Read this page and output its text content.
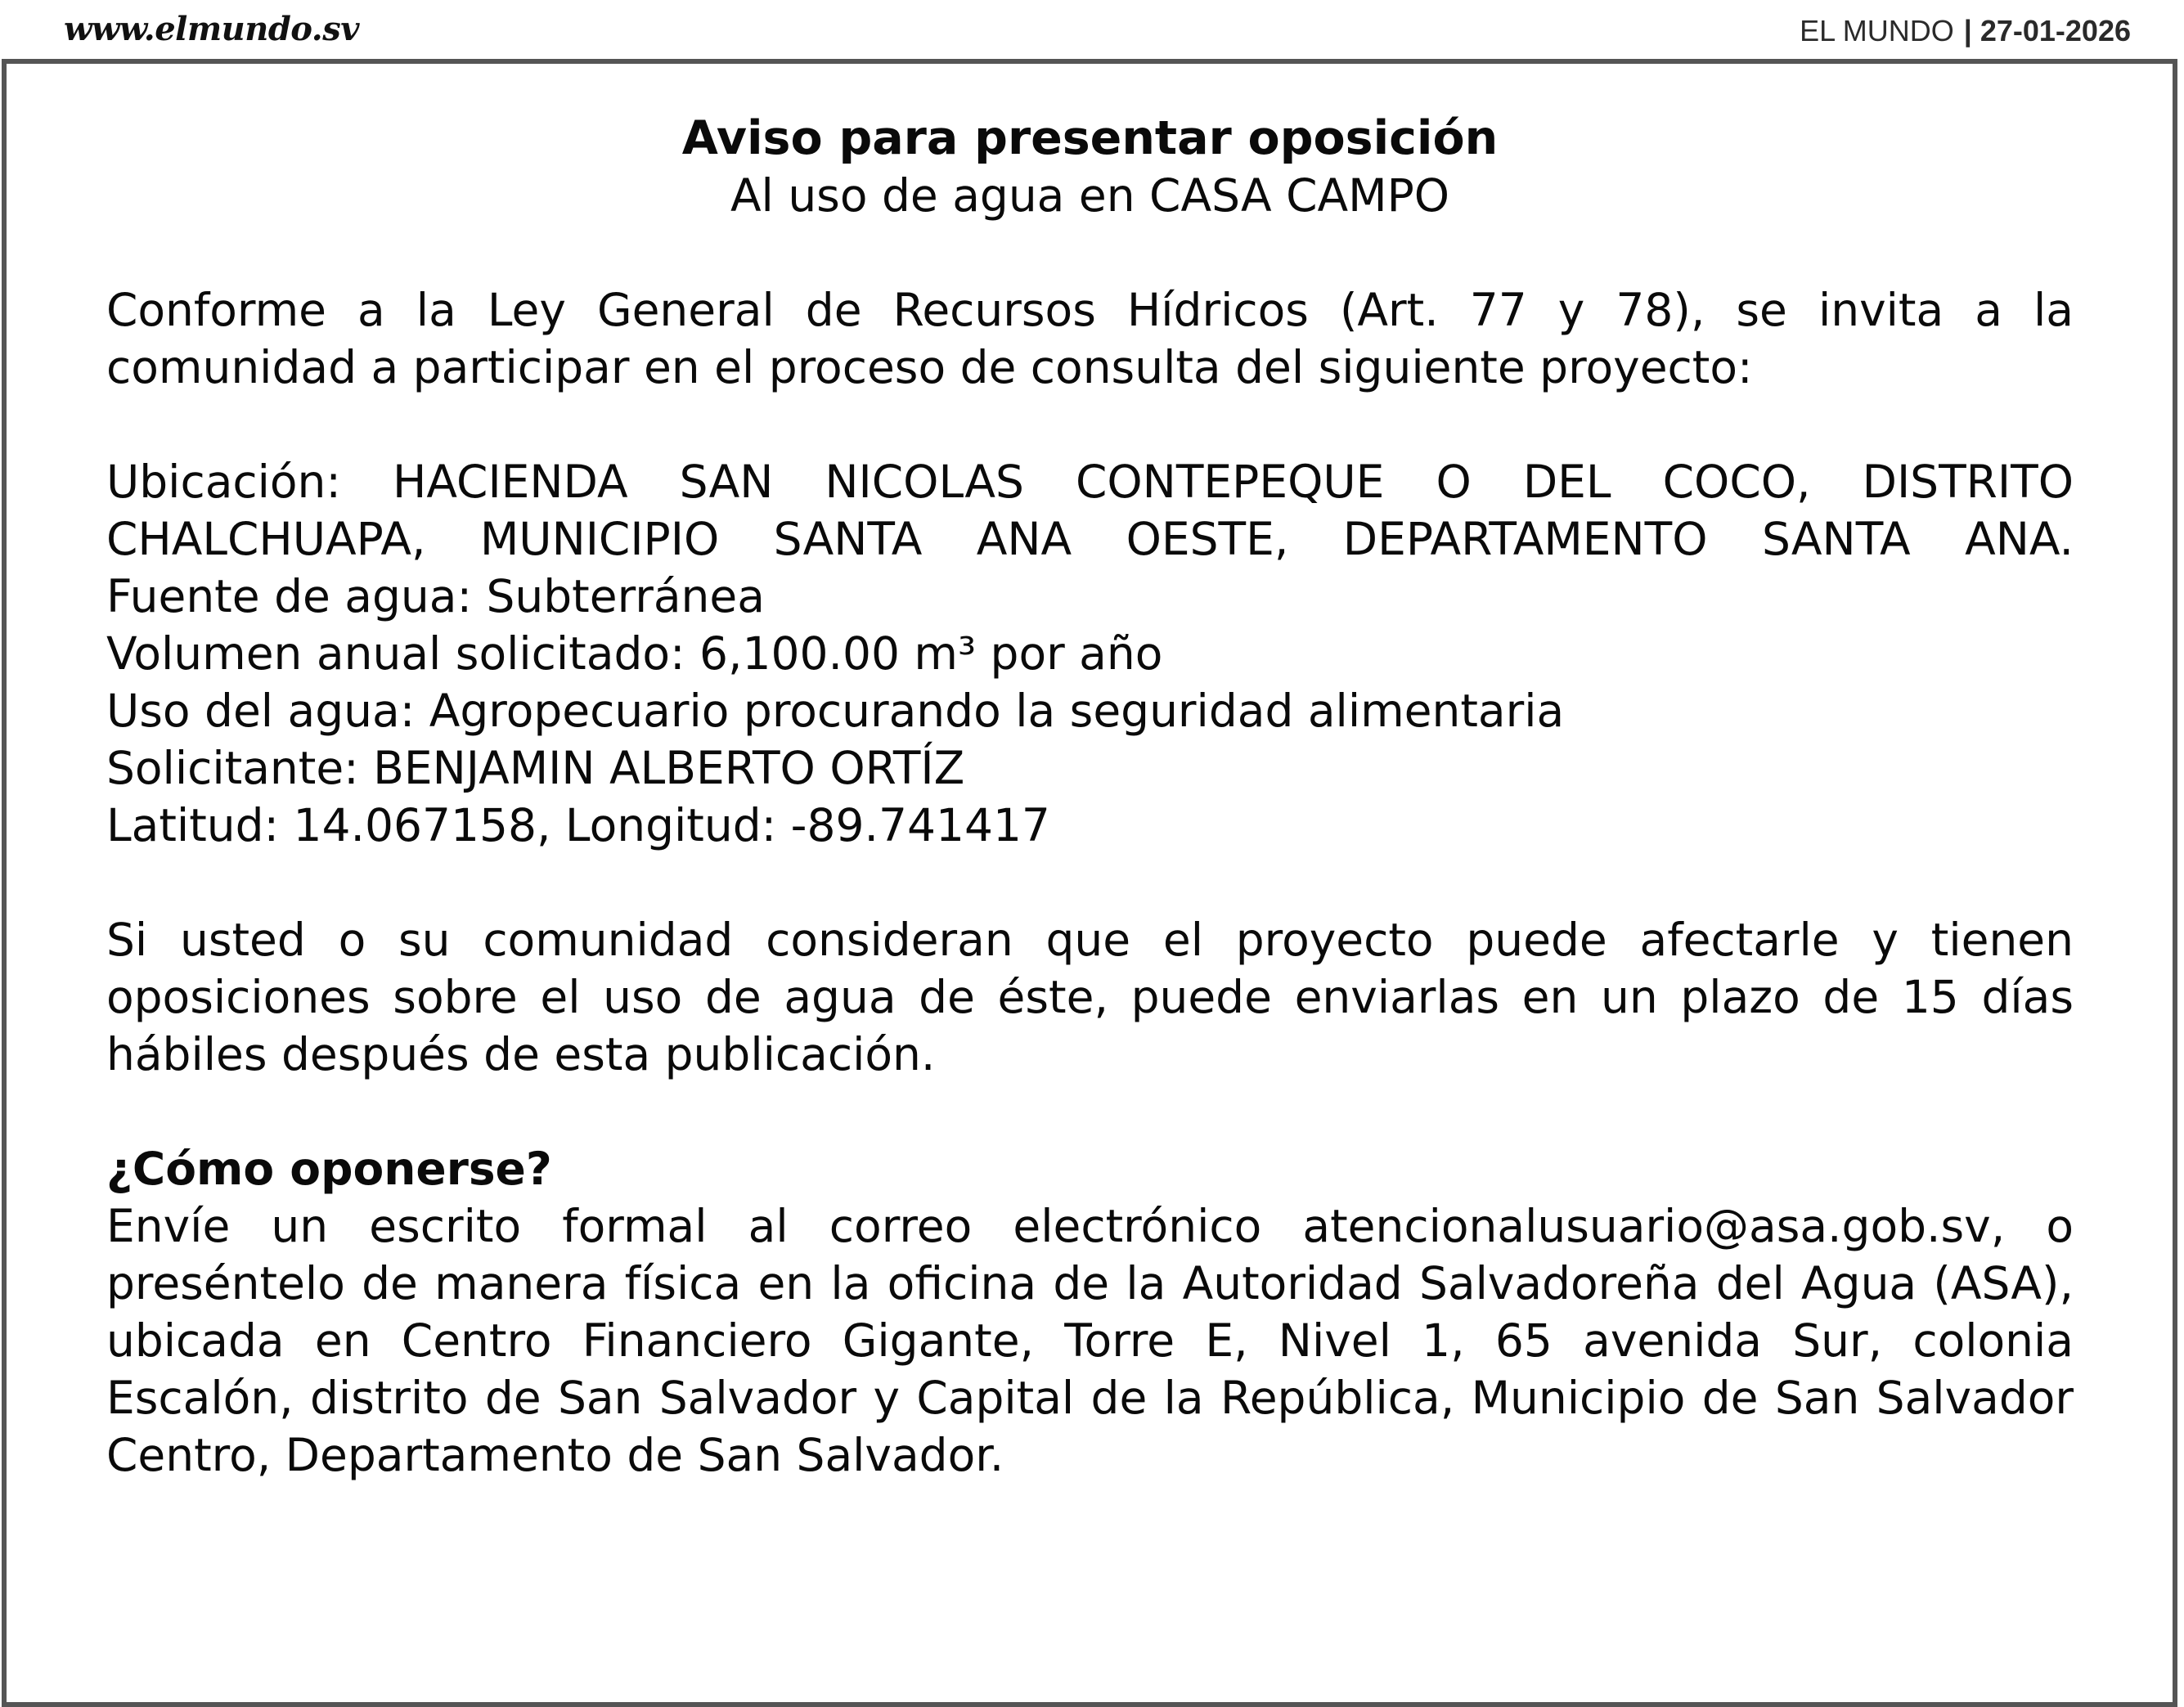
www.elmundo.sv	EL MUNDO | 27-01-2026
Aviso para presentar oposición

Al uso de agua en CASA CAMPO

Conforme a la Ley General de Recursos Hídricos (Art. 77 y 78), se invita a la comunidad a participar en el proceso de consulta del siguiente proyecto:

Ubicación: HACIENDA SAN NICOLAS CONTEPEQUE O DEL COCO, DISTRITO
CHALCHUAPA, MUNICIPIO SANTA ANA OESTE, DEPARTAMENTO SANTA ANA.
Fuente de agua: Subterránea
Volumen anual solicitado: 6,100.00 m³ por año
Uso del agua: Agropecuario procurando la seguridad alimentaria
Solicitante: BENJAMIN ALBERTO ORTÍZ
Latitud: 14.067158, Longitud: -89.741417

Si usted o su comunidad consideran que el proyecto puede afectarle y tienen oposiciones sobre el uso de agua de éste, puede enviarlas en un plazo de 15 días hábiles después de esta publicación.

¿Cómo oponerse?

Envíe un escrito formal al correo electrónico atencionalusuario@asa.gob.sv, o preséntelo de manera física en la oficina de la Autoridad Salvadoreña del Agua (ASA), ubicada en Centro Financiero Gigante, Torre E, Nivel 1, 65 avenida Sur, colonia Escalón, distrito de San Salvador y Capital de la República, Municipio de San Salvador Centro, Departamento de San Salvador.
